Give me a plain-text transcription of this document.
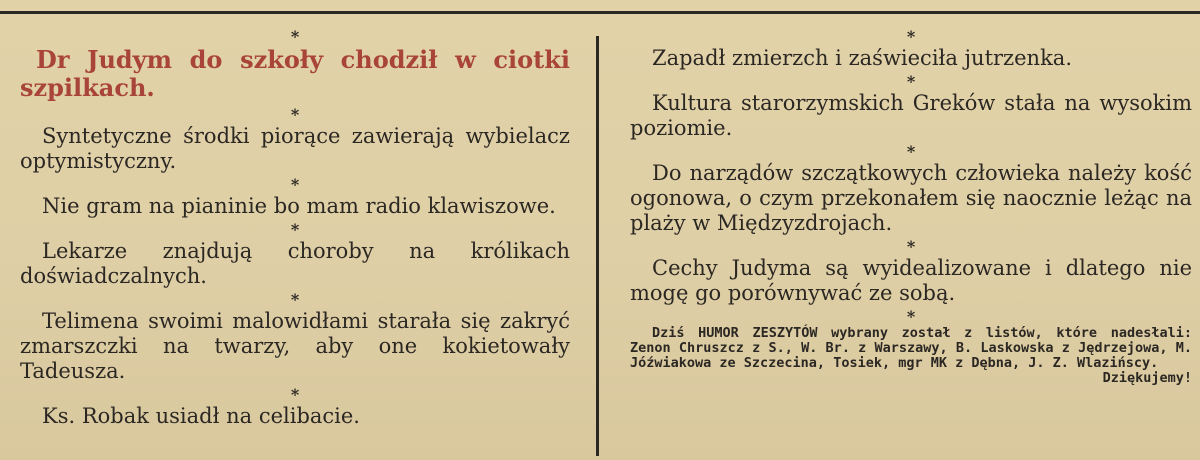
*

Dr Judym do szkoły chodził w ciotki szpilkach.

*

Syntetyczne środki piorące zawierają wybielacz optymistyczny.

*

Nie gram na pianinie bo mam radio klawiszowe.

*

Lekarze znajdują choroby na królikach doświadczalnych.

*

Telimena swoimi malowidłami starała się zakryć zmarszczki na twarzy, aby one kokietowały Tadeusza.

*

Ks. Robak usiadł na celibacie.

*

Zapadł zmierzch i zaświeciła jutrzenka.

*

Kultura starorzymskich Greków stała na wysokim poziomie.

*

Do narządów szczątkowych człowieka należy kość ogonowa, o czym przekonałem się naocznie leżąc na plaży w Międzyzdrojach.

*

Cechy Judyma są wyidealizowane i dlatego nie mogę go porównywać ze sobą.

*

Dziś HUMOR ZESZYTÓW wybrany został z listów, które nadesłali: Zenon Chruszcz z S., W. Br. z Warszawy, B. Laskowska z Jędrzejowa, M. Jóźwiakowa ze Szczecina, Tosiek, mgr MK z Dębna, J. Z. Wlazińscy.
Dziękujemy!
